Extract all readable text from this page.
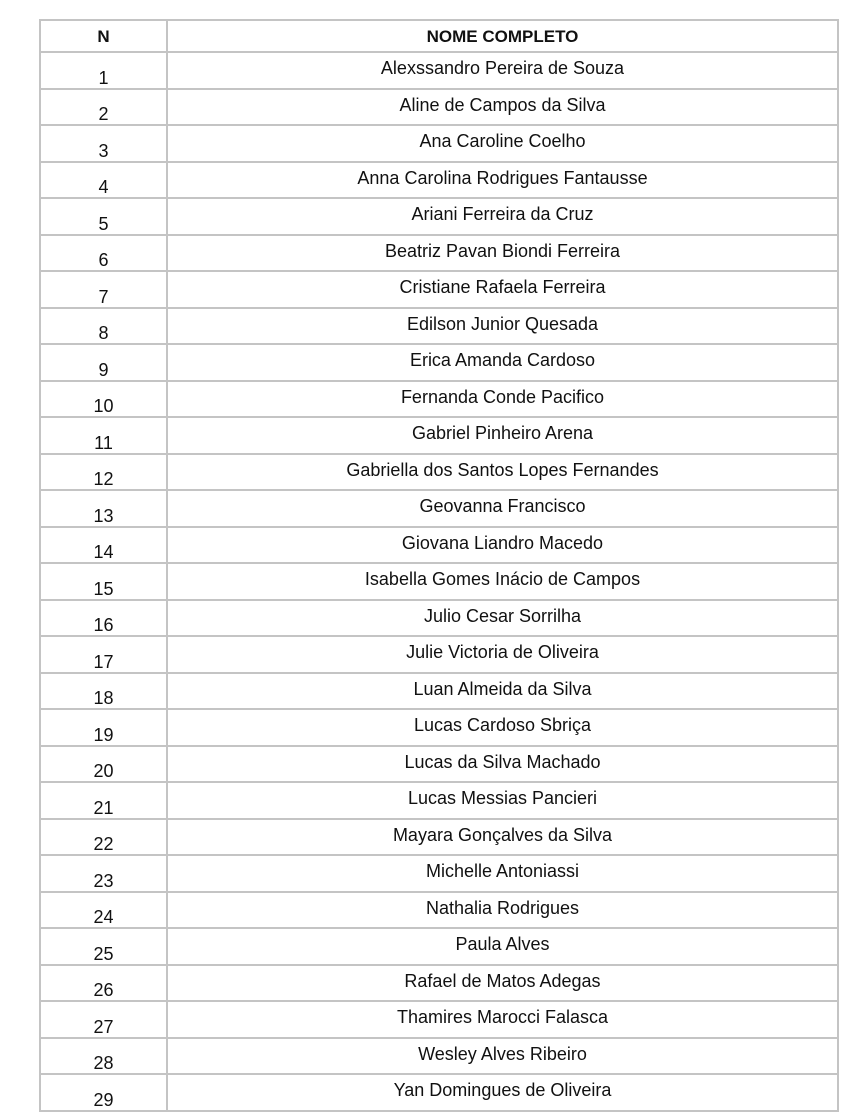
N	NOME COMPLETO
1	Alexssandro Pereira de Souza
2	Aline de Campos da Silva
3	Ana Caroline Coelho
4	Anna Carolina Rodrigues Fantausse
5	Ariani Ferreira da Cruz
6	Beatriz Pavan Biondi Ferreira
7	Cristiane Rafaela Ferreira
8	Edilson Junior Quesada
9	Erica Amanda Cardoso
10	Fernanda Conde Pacifico
11	Gabriel Pinheiro Arena
12	Gabriella dos Santos Lopes Fernandes
13	Geovanna Francisco
14	Giovana Liandro Macedo
15	Isabella Gomes Inácio de Campos
16	Julio Cesar Sorrilha
17	Julie Victoria de Oliveira
18	Luan Almeida da Silva
19	Lucas Cardoso Sbriça
20	Lucas da Silva Machado
21	Lucas Messias Pancieri
22	Mayara Gonçalves da Silva
23	Michelle Antoniassi
24	Nathalia Rodrigues
25	Paula Alves
26	Rafael de Matos Adegas
27	Thamires Marocci Falasca
28	Wesley Alves Ribeiro
29	Yan Domingues de Oliveira
